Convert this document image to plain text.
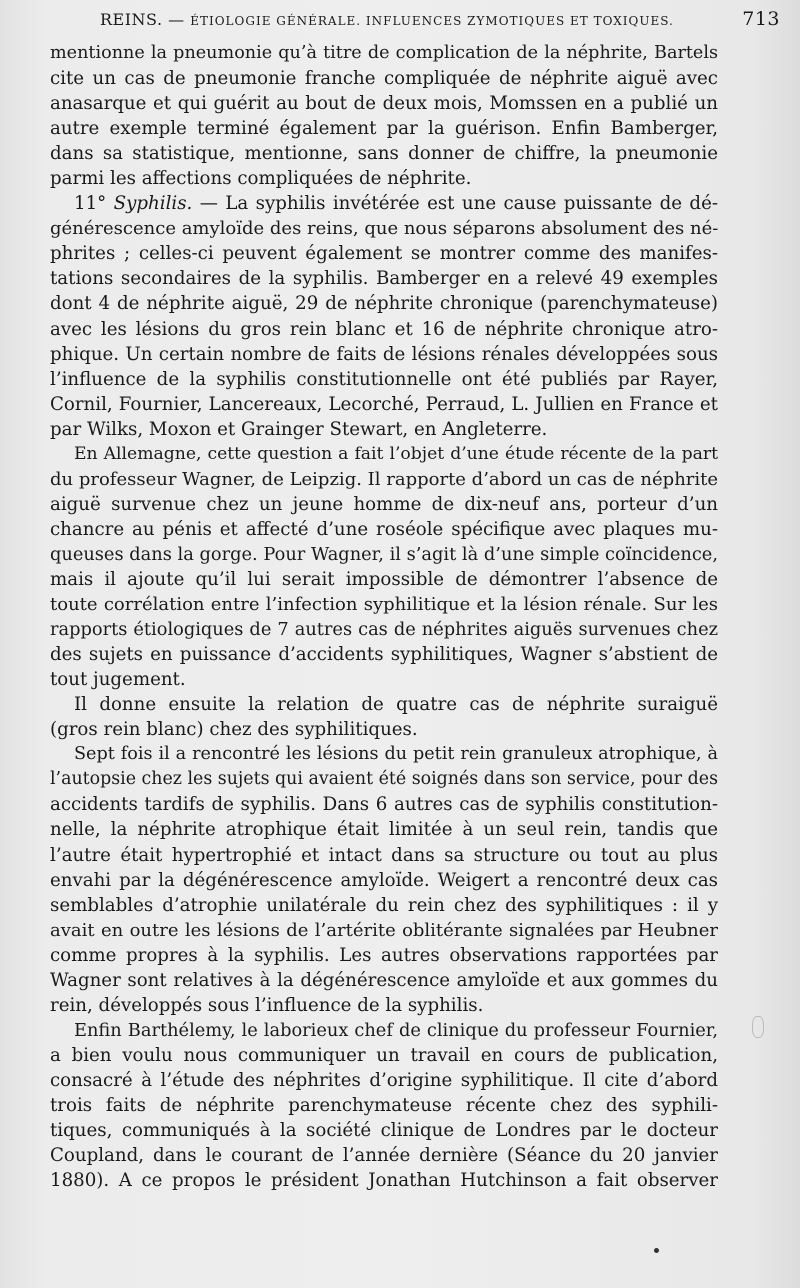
REINS. — ÉTIOLOGIE GÉNÉRALE. INFLUENCES ZYMOTIQUES ET TOXIQUES.	713

mentionne la pneumonie qu’à titre de complication de la néphrite, Bartels
cite un cas de pneumonie franche compliquée de néphrite aiguë avec
anasarque et qui guérit au bout de deux mois, Momssen en a publié un
autre exemple terminé également par la guérison. Enfin Bamberger,
dans sa statistique, mentionne, sans donner de chiffre, la pneumonie
parmi les affections compliquées de néphrite.

11° Syphilis. — La syphilis invétérée est une cause puissante de dé-
générescence amyloïde des reins, que nous séparons absolument des né-
phrites ; celles-ci peuvent également se montrer comme des manifes-
tations secondaires de la syphilis. Bamberger en a relevé 49 exemples
dont 4 de néphrite aiguë, 29 de néphrite chronique (parenchymateuse)
avec les lésions du gros rein blanc et 16 de néphrite chronique atro-
phique. Un certain nombre de faits de lésions rénales développées sous
l’influence de la syphilis constitutionnelle ont été publiés par Rayer,
Cornil, Fournier, Lancereaux, Lecorché, Perraud, L. Jullien en France et
par Wilks, Moxon et Grainger Stewart, en Angleterre.

En Allemagne, cette question a fait l’objet d’une étude récente de la part
du professeur Wagner, de Leipzig. Il rapporte d’abord un cas de néphrite
aiguë survenue chez un jeune homme de dix-neuf ans, porteur d’un
chancre au pénis et affecté d’une roséole spécifique avec plaques mu-
queuses dans la gorge. Pour Wagner, il s’agit là d’une simple coïncidence,
mais il ajoute qu’il lui serait impossible de démontrer l’absence de
toute corrélation entre l’infection syphilitique et la lésion rénale. Sur les
rapports étiologiques de 7 autres cas de néphrites aiguës survenues chez
des sujets en puissance d’accidents syphilitiques, Wagner s’abstient de
tout jugement.

Il donne ensuite la relation de quatre cas de néphrite suraiguë
(gros rein blanc) chez des syphilitiques.

Sept fois il a rencontré les lésions du petit rein granuleux atrophique, à
l’autopsie chez les sujets qui avaient été soignés dans son service, pour des
accidents tardifs de syphilis. Dans 6 autres cas de syphilis constitution-
nelle, la néphrite atrophique était limitée à un seul rein, tandis que
l’autre était hypertrophié et intact dans sa structure ou tout au plus
envahi par la dégénérescence amyloïde. Weigert a rencontré deux cas
semblables d’atrophie unilatérale du rein chez des syphilitiques : il y
avait en outre les lésions de l’artérite oblitérante signalées par Heubner
comme propres à la syphilis. Les autres observations rapportées par
Wagner sont relatives à la dégénérescence amyloïde et aux gommes du
rein, développés sous l’influence de la syphilis.

Enfin Barthélemy, le laborieux chef de clinique du professeur Fournier,
a bien voulu nous communiquer un travail en cours de publication,
consacré à l’étude des néphrites d’origine syphilitique. Il cite d’abord
trois faits de néphrite parenchymateuse récente chez des syphili-
tiques, communiqués à la société clinique de Londres par le docteur
Coupland, dans le courant de l’année dernière (Séance du 20 janvier
1880). A ce propos le président Jonathan Hutchinson a fait observer
